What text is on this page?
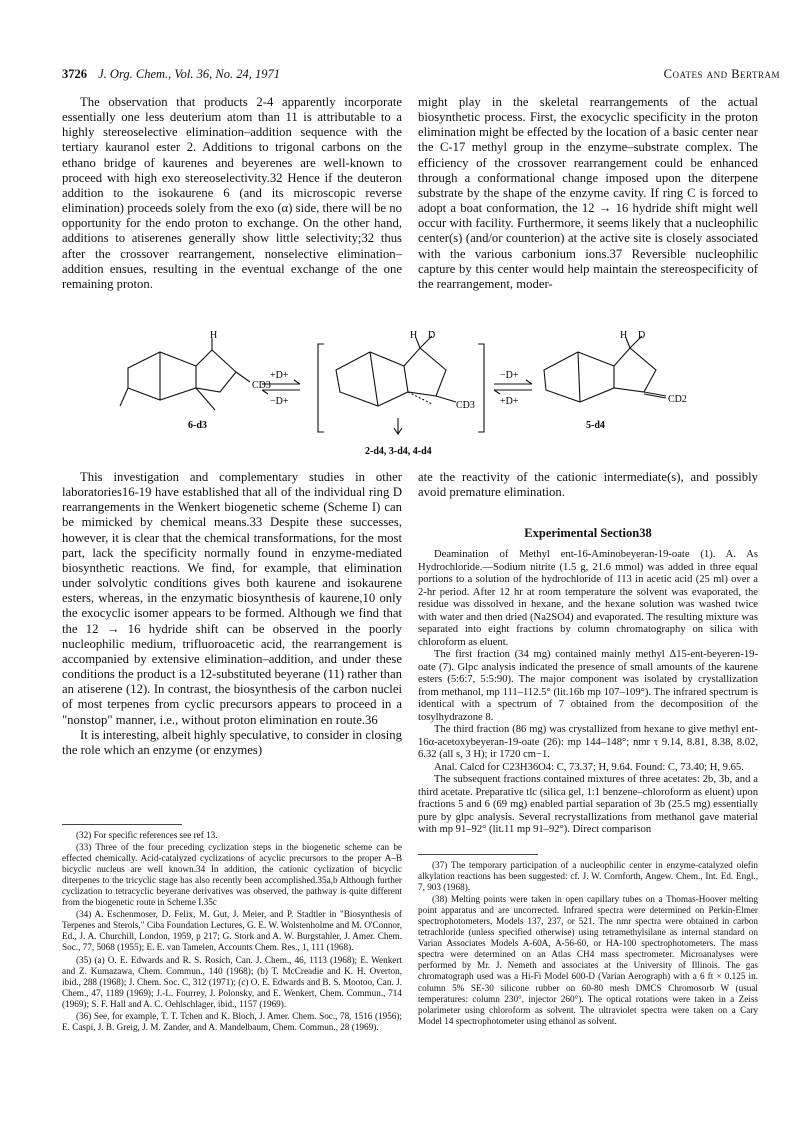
3726 J. Org. Chem., Vol. 36, No. 24, 1971	Coates and Bertram

The observation that products 2-4 apparently incorporate essentially one less deuterium atom than 11 is attributable to a highly stereoselective elimination–addition sequence with the tertiary kauranol ester 2. Additions to trigonal carbons on the ethano bridge of kaurenes and beyerenes are well-known to proceed with high exo stereoselectivity.32 Hence if the deuteron addition to the isokaurene 6 (and its microscopic reverse elimination) proceeds solely from the exo (α) side, there will be no opportunity for the endo proton to exchange. On the other hand, additions to atiserenes generally show little selectivity;32 thus after the crossover rearrangement, nonselective elimination–addition ensues, resulting in the eventual exchange of the one remaining proton.

might play in the skeletal rearrangements of the actual biosynthetic process. First, the exocyclic specificity in the proton elimination might be effected by the location of a basic center near the C-17 methyl group in the enzyme–substrate complex. The efficiency of the crossover rearrangement could be enhanced through a conformational change imposed upon the diterpene substrate by the shape of the enzyme cavity. If ring C is forced to adopt a boat conformation, the 12 → 16 hydride shift might well occur with facility. Furthermore, it seems likely that a nucleophilic center(s) (and/or counterion) at the active site is closely associated with the various carbonium ions.37 Reversible nucleophilic capture by this center would help maintain the stereospecificity of the rearrangement, moder-

H
CD3
6-d3
+D+
−D+
H D
CD3
2-d4, 3-d4, 4-d4
−D+
+D+
H D
CD2
5-d4

This investigation and complementary studies in other laboratories16-19 have established that all of the individual ring D rearrangements in the Wenkert biogenetic scheme (Scheme I) can be mimicked by chemical means.33 Despite these successes, however, it is clear that the chemical transformations, for the most part, lack the specificity normally found in enzyme-mediated biosynthetic reactions. We find, for example, that elimination under solvolytic conditions gives both kaurene and isokaurene esters, whereas, in the enzymatic biosynthesis of kaurene,10 only the exocyclic isomer appears to be formed. Although we find that the 12 → 16 hydride shift can be observed in the poorly nucleophilic medium, trifluoroacetic acid, the rearrangement is accompanied by extensive elimination–addition, and under these conditions the product is a 12-substituted beyerane (11) rather than an atiserene (12). In contrast, the biosynthesis of the carbon nuclei of most terpenes from cyclic precursors appears to proceed in a "nonstop" manner, i.e., without proton elimination en route.36

It is interesting, albeit highly speculative, to consider in closing the role which an enzyme (or enzymes)

(32) For specific references see ref 13.

(33) Three of the four preceding cyclization steps in the biogenetic scheme can be effected chemically. Acid-catalyzed cyclizations of acyclic precursors to the proper A–B bicyclic nucleus are well known.34 In addition, the cationic cyclization of bicyclic diterpenes to the tricyclic stage has also recently been accomplished.35a,b Although further cyclization to tetracyclic beyerane derivatives was observed, the pathway is quite different from the biogenetic route in Scheme I.35c

(34) A. Eschenmoser, D. Felix, M. Gut, J. Meier, and P. Stadtler in "Biosynthesis of Terpenes and Sterols," Ciba Foundation Lectures, G. E. W. Wolstenholme and M. O'Connor, Ed., J. A. Churchill, London, 1959, p 217; G. Stork and A. W. Burgstahler, J. Amer. Chem. Soc., 77, 5068 (1955); E. E. van Tamelen, Accounts Chem. Res., 1, 111 (1968).

(35) (a) O. E. Edwards and R. S. Rosich, Can. J. Chem., 46, 1113 (1968); E. Wenkert and Z. Kumazawa, Chem. Commun., 140 (1968); (b) T. McCreadie and K. H. Overton, ibid., 288 (1968); J. Chem. Soc. C, 312 (1971); (c) O. E. Edwards and B. S. Mootoo, Can. J. Chem., 47, 1189 (1969); J.-L. Fourrey, J. Polonsky, and E. Wenkert, Chem. Commun., 714 (1969); S. F. Hall and A. C. Oehlschlager, ibid., 1157 (1969).

(36) See, for example, T. T. Tchen and K. Bloch, J. Amer. Chem. Soc., 78, 1516 (1956); E. Caspi, J. B. Greig, J. M. Zander, and A. Mandelbaum, Chem. Commun., 28 (1969).

ate the reactivity of the cationic intermediate(s), and possibly avoid premature elimination.

Experimental Section38

Deamination of Methyl ent-16-Aminobeyeran-19-oate (1). A. As Hydrochloride.—Sodium nitrite (1.5 g, 21.6 mmol) was added in three equal portions to a solution of the hydrochloride of 113 in acetic acid (25 ml) over a 2-hr period. After 12 hr at room temperature the solvent was evaporated, the residue was dissolved in hexane, and the hexane solution was washed twice with water and then dried (Na2SO4) and evaporated. The resulting mixture was separated into eight fractions by column chromatography on silica with chloroform as eluent.

The first fraction (34 mg) contained mainly methyl Δ15-ent-beyeren-19-oate (7). Glpc analysis indicated the presence of small amounts of the kaurene esters (5:6:7, 5:5:90). The major component was isolated by crystallization from methanol, mp 111–112.5° (lit.16b mp 107–109°). The infrared spectrum is identical with a spectrum of 7 obtained from the decomposition of the tosylhydrazone 8.

The third fraction (86 mg) was crystallized from hexane to give methyl ent-16α-acetoxybeyeran-19-oate (26): mp 144–148°; nmr τ 9.14, 8.81, 8.38, 8.02, 6.32 (all s, 3 H); ir 1720 cm−1.

Anal. Calcd for C23H36O4: C, 73.37; H, 9.64. Found: C, 73.40; H, 9.65.

The subsequent fractions contained mixtures of three acetates: 2b, 3b, and a third acetate. Preparative tlc (silica gel, 1:1 benzene–chloroform as eluent) upon fractions 5 and 6 (69 mg) enabled partial separation of 3b (25.5 mg) essentially pure by glpc analysis. Several recrystallizations from methanol gave material with mp 91–92° (lit.11 mp 91–92°). Direct comparison

(37) The temporary participation of a nucleophilic center in enzyme-catalyzed olefin alkylation reactions has been suggested: cf. J. W. Cornforth, Angew. Chem., Int. Ed. Engl., 7, 903 (1968).

(38) Melting points were taken in open capillary tubes on a Thomas-Hoover melting point apparatus and are uncorrected. Infrared spectra were determined on Perkin-Elmer spectrophotometers, Models 137, 237, or 521. The nmr spectra were obtained in carbon tetrachloride (unless specified otherwise) using tetramethylsilane as internal standard on Varian Associates Models A-60A, A-56-60, or HA-100 spectrophotometers. The mass spectra were determined on an Atlas CH4 mass spectrometer. Microanalyses were performed by Mr. J. Nemeth and associates at the University of Illinois. The gas chromatograph used was a Hi-Fi Model 600-D (Varian Aerograph) with a 6 ft × 0.125 in. column 5% SE-30 silicone rubber on 60-80 mesh DMCS Chromosorb W (usual temperatures: column 230°, injector 260°). The optical rotations were taken in a Zeiss polarimeter using chloroform as solvent. The ultraviolet spectra were taken on a Cary Model 14 spectrophotometer using ethanol as solvent.
